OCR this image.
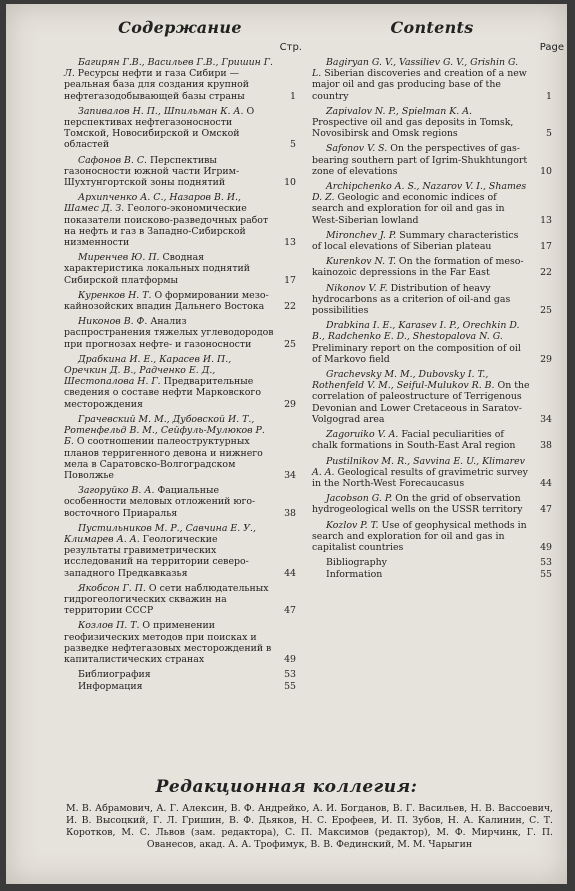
Содержание
Стр.
Багирян Г.В., Васильев Г.В., Гришин Г. Л. Ресурсы нефти и газа Сибири — реальная база для создания крупной нефтегазодобывающей базы страны	1
Запивалов Н. П., Шпильман К. А. О перспективах нефтегазоносности Томской, Новосибирской и Омской областей	5
Сафонов В. С. Перспективы газоносности южной части Игрим-Шухтунгортской зоны поднятий	10
Архипченко А. С., Назаров В. И., Шамес Д. З. Геолого-экономические показатели поисково-разведочных работ на нефть и газ в Западно-Сибирской низменности	13
Миренчев Ю. П. Сводная характеристика локальных поднятий Сибирской платформы	17
Куренков Н. Т. О формировании мезо-кайнозойских впадин Дальнего Востока	22
Никонов В. Ф. Анализ распространения тяжелых углеводородов при прогнозах нефте- и газоносности	25
Драбкина И. Е., Карасев И. П., Оречкин Д. В., Радченко Е. Д., Шестопалова Н. Г. Предварительные сведения о составе нефти Марковского месторождения	29
Грачевский М. М., Дубовской И. Т., Ротенфельд В. М., Сейфуль-Мулюков Р. Б. О соотношении палеоструктурных планов терригенного девона и нижнего мела в Саратовско-Волгоградском Поволжье	34
Загоруйко В. А. Фациальные особенности меловых отложений юго-восточного Приаралья	38
Пустильников М. Р., Савчина Е. У., Климарев А. А. Геологические результаты гравиметрических исследований на территории северо-западного Предкавказья	44
Якобсон Г. П. О сети наблюдательных гидрогеологических скважин на территории СССР	47
Козлов П. Т. О применении геофизических методов при поисках и разведке нефтегазовых месторождений в капиталистических странах	49
Библиография	53
Информация	55
Contents
Page
Bagiryan G. V., Vassiliev G. V., Grishin G. L. Siberian discoveries and creation of a new major oil and gas producing base of the country	1
Zapivalov N. P., Spielman K. A. Prospective oil and gas deposits in Tomsk, Novosibirsk and Omsk regions	5
Safonov V. S. On the perspectives of gas-bearing southern part of Igrim-Shukhtungort zone of elevations	10
Archipchenko A. S., Nazarov V. I., Shames D. Z. Geologic and economic indices of search and exploration for oil and gas in West-Siberian lowland	13
Mironchev J. P. Summary characteristics of local elevations of Siberian plateau	17
Kurenkov N. T. On the formation of meso-kainozoic depressions in the Far East	22
Nikonov V. F. Distribution of heavy hydrocarbons as a criterion of oil-and gas possibilities	25
Drabkina I. E., Karasev I. P., Orechkin D. B., Radchenko E. D., Shestopalova N. G. Preliminary report on the composition of oil of Markovo field	29
Grachevsky M. M., Dubovsky I. T., Rothenfeld V. M., Seiful-Mulukov R. B. On the correlation of paleostructure of Terrigenous Devonian and Lower Cretaceous in Saratov-Volgograd area	34
Zagoruiko V. A. Facial peculiarities of chalk formations in South-East Aral region	38
Pustilnikov M. R., Savvina E. U., Klimarev A. A. Geological results of gravimetric survey in the North-West Forecaucasus	44
Jacobson G. P. On the grid of observation hydrogeological wells on the USSR territory	47
Kozlov P. T. Use of geophysical methods in search and exploration for oil and gas in capitalist countries	49
Bibliography	53
Information	55
Редакционная коллегия:
М. В. Абрамович, А. Г. Алексин, В. Ф. Андрейко, А. И. Богданов, В. Г. Васильев, Н. В. Вассоевич, И. В. Высоцкий, Г. Л. Гришин, В. Ф. Дьяков, Н. С. Ерофеев, И. П. Зубов, Н. А. Калинин, С. Т. Коротков, М. С. Львов (зам. редактора), С. П. Максимов (редактор), М. Ф. Мирчинк, Г. П. Ованесов, акад. А. А. Трофимук, В. В. Фединский, М. М. Чарыгин
